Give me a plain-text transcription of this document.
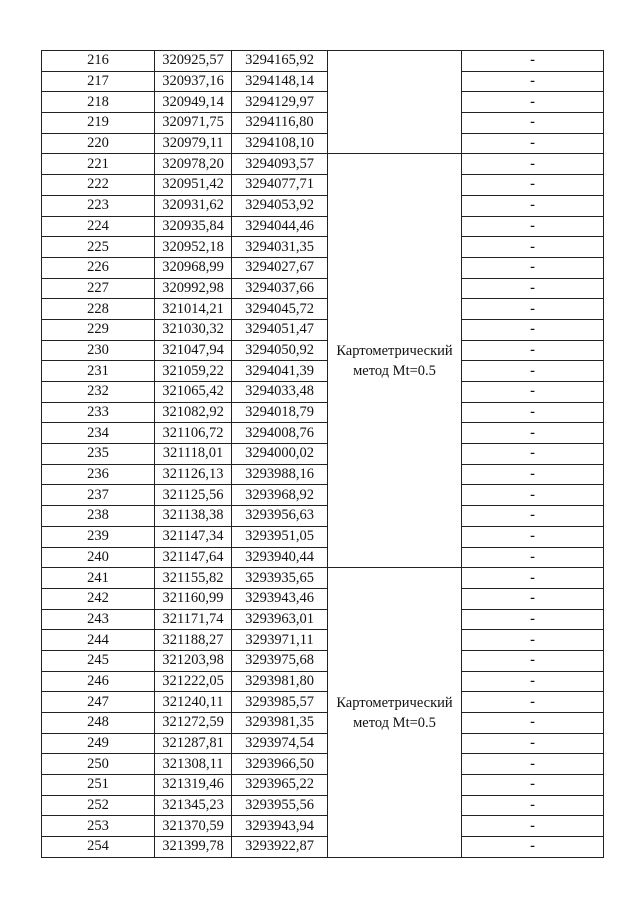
216	320925,57	3294165,92		-
217	320937,16	3294148,14		-
218	320949,14	3294129,97		-
219	320971,75	3294116,80		-
220	320979,11	3294108,10		-
221	320978,20	3294093,57	Картометрический метод Mt=0.5	-
222	320951,42	3294077,71		-
223	320931,62	3294053,92		-
224	320935,84	3294044,46		-
225	320952,18	3294031,35		-
226	320968,99	3294027,67		-
227	320992,98	3294037,66		-
228	321014,21	3294045,72		-
229	321030,32	3294051,47		-
230	321047,94	3294050,92		-
231	321059,22	3294041,39		-
232	321065,42	3294033,48		-
233	321082,92	3294018,79		-
234	321106,72	3294008,76		-
235	321118,01	3294000,02		-
236	321126,13	3293988,16		-
237	321125,56	3293968,92		-
238	321138,38	3293956,63		-
239	321147,34	3293951,05		-
240	321147,64	3293940,44		-
241	321155,82	3293935,65	Картометрический метод Mt=0.5	-
242	321160,99	3293943,46		-
243	321171,74	3293963,01		-
244	321188,27	3293971,11		-
245	321203,98	3293975,68		-
246	321222,05	3293981,80		-
247	321240,11	3293985,57		-
248	321272,59	3293981,35		-
249	321287,81	3293974,54		-
250	321308,11	3293966,50		-
251	321319,46	3293965,22		-
252	321345,23	3293955,56		-
253	321370,59	3293943,94		-
254	321399,78	3293922,87		-
